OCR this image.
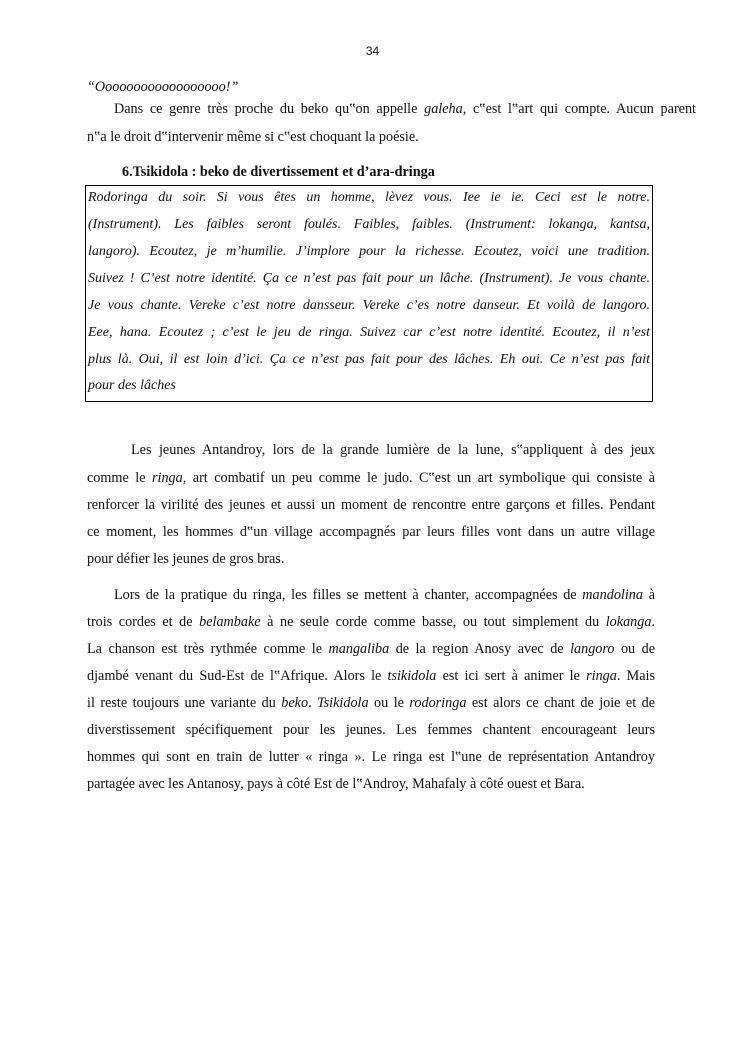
34
“Oooooooooooooooooo!”
Dans ce genre très proche du beko qu‟on appelle galeha, c‟est l‟art qui compte. Aucun parent
n‟a le droit d‟intervenir même si c‟est choquant la poésie.
6.Tsikidola : beko de divertissement et d’ara-dringa
Rodoringa du soir. Si vous êtes un homme, lèvez vous. Iee ie ie. Ceci est le notre.
(Instrument). Les faibles seront foulés. Faibles, faibles. (Instrument: lokanga, kantsa,
langoro). Ecoutez, je m’humilie. J’implore pour la richesse. Ecoutez, voici une tradition.
Suivez ! C’est notre identité. Ça ce n’est pas fait pour un lâche. (Instrument). Je vous chante.
Je vous chante. Vereke c’est notre dansseur. Vereke c’es notre danseur. Et voilà de langoro.
Eee, hana. Ecoutez ; c’est le jeu de ringa. Suivez car c’est notre identité. Ecoutez, il n’est
plus là. Oui, il est loin d’ici. Ça ce n’est pas fait pour des lâches. Eh oui. Ce n’est pas fait
pour des lâches
Les jeunes Antandroy, lors de la grande lumière de la lune, s‟appliquent à des jeux
comme le ringa, art combatif un peu comme le judo. C‟est un art symbolique qui consiste à
renforcer la virilité des jeunes et aussi un moment de rencontre entre garçons et filles. Pendant
ce moment, les hommes d‟un village accompagnés par leurs filles vont dans un autre village
pour défier les jeunes de gros bras.
Lors de la pratique du ringa, les filles se mettent à chanter, accompagnées de mandolina à
trois cordes et de belambake à ne seule corde comme basse, ou tout simplement du lokanga.
La chanson est très rythmée comme le mangaliba de la region Anosy avec de langoro ou de
djambé venant du Sud-Est de l‟Afrique. Alors le tsikidola est ici sert à animer le ringa. Mais
il reste toujours une variante du beko. Tsikidola ou le rodoringa est alors ce chant de joie et de
diverstissement spécifiquement pour les jeunes. Les femmes chantent encourageant leurs
hommes qui sont en train de lutter « ringa ». Le ringa est l‟une de représentation Antandroy
partagée avec les Antanosy, pays à côté Est de l‟Androy, Mahafaly à côté ouest et Bara.
